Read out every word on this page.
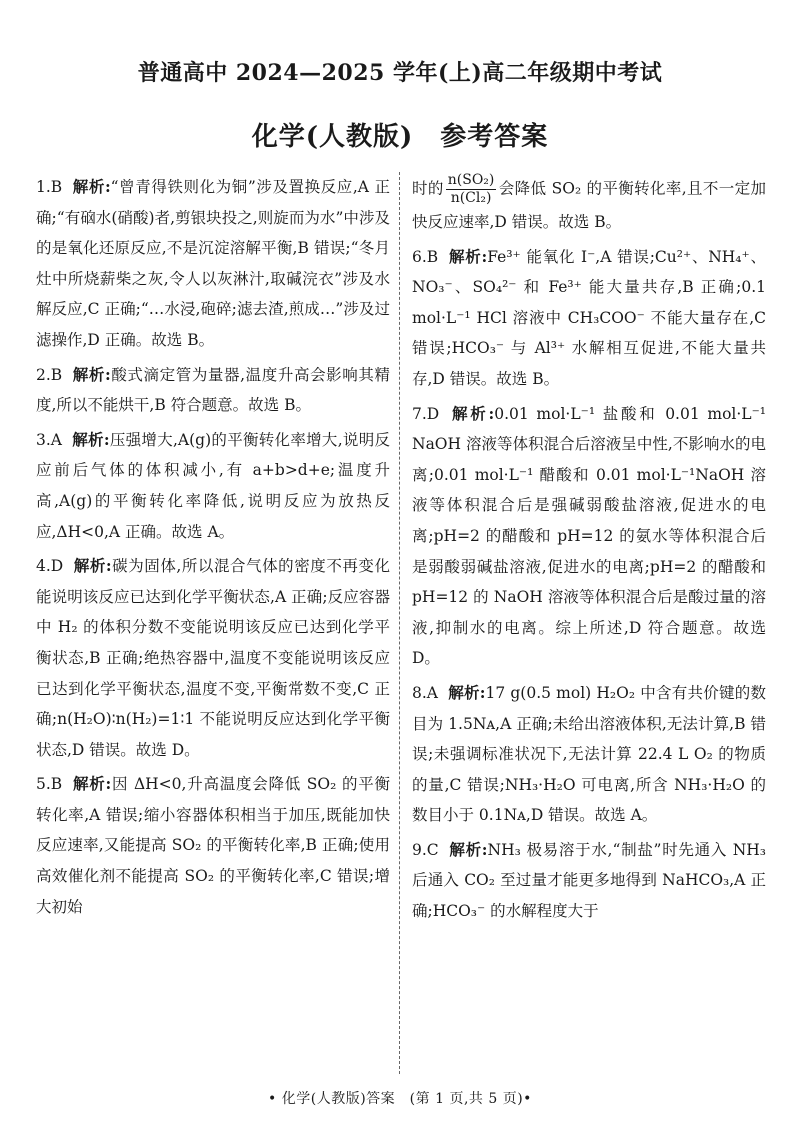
普通高中 2024—2025 学年(上)高二年级期中考试
化学(人教版)　参考答案
1.B 解析:“曾青得铁则化为铜”涉及置换反应,A 正确;“有硇水(硝酸)者,剪银块投之,则旋而为水”中涉及的是氧化还原反应,不是沉淀溶解平衡,B 错误;“冬月灶中所烧薪柴之灰,令人以灰淋汁,取碱浣衣”涉及水解反应,C 正确;“…水浸,砲碎;滤去渣,煎成…”涉及过滤操作,D 正确。故选 B。
2.B 解析:酸式滴定管为量器,温度升高会影响其精度,所以不能烘干,B 符合题意。故选 B。
3.A 解析:压强增大,A(g)的平衡转化率增大,说明反应前后气体的体积减小,有 a+b>d+e;温度升高,A(g)的平衡转化率降低,说明反应为放热反应,ΔH<0,A 正确。故选 A。
4.D 解析:碳为固体,所以混合气体的密度不再变化能说明该反应已达到化学平衡状态,A 正确;反应容器中 H₂ 的体积分数不变能说明该反应已达到化学平衡状态,B 正确;绝热容器中,温度不变能说明该反应已达到化学平衡状态,温度不变,平衡常数不变,C 正确;n(H₂O)∶n(H₂)=1∶1 不能说明反应达到化学平衡状态,D 错误。故选 D。
5.B 解析:因 ΔH<0,升高温度会降低 SO₂ 的平衡转化率,A 错误;缩小容器体积相当于加压,既能加快反应速率,又能提高 SO₂ 的平衡转化率,B 正确;使用高效催化剂不能提高 SO₂ 的平衡转化率,C 错误;增大初始
时的 $\frac{\text{n(SO₂)}}{\text{n(Cl₂)}}$ 会降低 SO₂ 的平衡转化率,且不一定加快反应速率,D 错误。故选 B。
6.B 解析:Fe³⁺ 能氧化 I⁻,A 错误;Cu²⁺、NH₄⁺、NO₃⁻、SO₄²⁻ 和 Fe³⁺ 能大量共存,B 正确;0.1 mol·L⁻¹ HCl 溶液中 CH₃COO⁻ 不能大量存在,C 错误;HCO₃⁻ 与 Al³⁺ 水解相互促进,不能大量共存,D 错误。故选 B。
7.D 解析:0.01 mol·L⁻¹ 盐酸和 0.01 mol·L⁻¹ NaOH 溶液等体积混合后溶液呈中性,不影响水的电离;0.01 mol·L⁻¹ 醋酸和 0.01 mol·L⁻¹NaOH 溶液等体积混合后是强碱弱酸盐溶液,促进水的电离;pH=2 的醋酸和 pH=12 的氨水等体积混合后是弱酸弱碱盐溶液,促进水的电离;pH=2 的醋酸和 pH=12 的 NaOH 溶液等体积混合后是酸过量的溶液,抑制水的电离。综上所述,D 符合题意。故选 D。
8.A 解析:17 g(0.5 mol) H₂O₂ 中含有共价键的数目为 1.5Nᴀ,A 正确;未给出溶液体积,无法计算,B 错误;未强调标准状况下,无法计算 22.4 L O₂ 的物质的量,C 错误;NH₃·H₂O 可电离,所含 NH₃·H₂O 的数目小于 0.1Nᴀ,D 错误。故选 A。
9.C 解析:NH₃ 极易溶于水,“制盐”时先通入 NH₃ 后通入 CO₂ 至过量才能更多地得到 NaHCO₃,A 正确;HCO₃⁻ 的水解程度大于
• 化学(人教版)答案　(第 1 页,共 5 页)•
